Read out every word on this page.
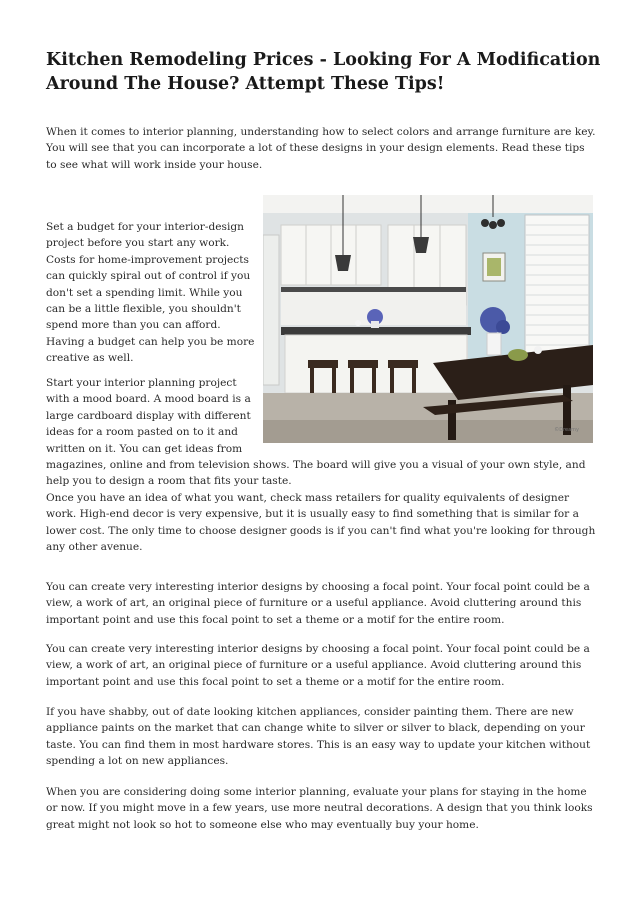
Kitchen Remodeling Prices - Looking For A Modification Around The House? Attempt These Tips!

When it comes to interior planning, understanding how to select colors and arrange furniture are key. You will see that you can incorporate a lot of these designs in your design elements. Read these tips to see what will work inside your house.

Set a budget for your interior-design
project before you start any work.
Costs for home-improvement projects
can quickly spiral out of control if you
don't set a spending limit. While you
can be a little flexible, you shouldn't
spend more than you can afford.
Having a budget can help you be more
creative as well.
Start your interior planning project
with a mood board. A mood board is a
large cardboard display with different
ideas for a room pasted on to it and
written on it. You can get ideas from

magazines, online and from television shows. The board will give you a visual of your own style, and help you to design a room that fits your taste.

©Dreamy

Once you have an idea of what you want, check mass retailers for quality equivalents of designer work. High-end decor is very expensive, but it is usually easy to find something that is similar for a lower cost. The only time to choose designer goods is if you can't find what you're looking for through any other avenue.

You can create very interesting interior designs by choosing a focal point. Your focal point could be a view, a work of art, an original piece of furniture or a useful appliance. Avoid cluttering around this important point and use this focal point to set a theme or a motif for the entire room.

You can create very interesting interior designs by choosing a focal point. Your focal point could be a view, a work of art, an original piece of furniture or a useful appliance. Avoid cluttering around this important point and use this focal point to set a theme or a motif for the entire room.

If you have shabby, out of date looking kitchen appliances, consider painting them. There are new appliance paints on the market that can change white to silver or silver to black, depending on your taste. You can find them in most hardware stores. This is an easy way to update your kitchen without spending a lot on new appliances.

When you are considering doing some interior planning, evaluate your plans for staying in the home or now. If you might move in a few years, use more neutral decorations. A design that you think looks great might not look so hot to someone else who may eventually buy your home.
